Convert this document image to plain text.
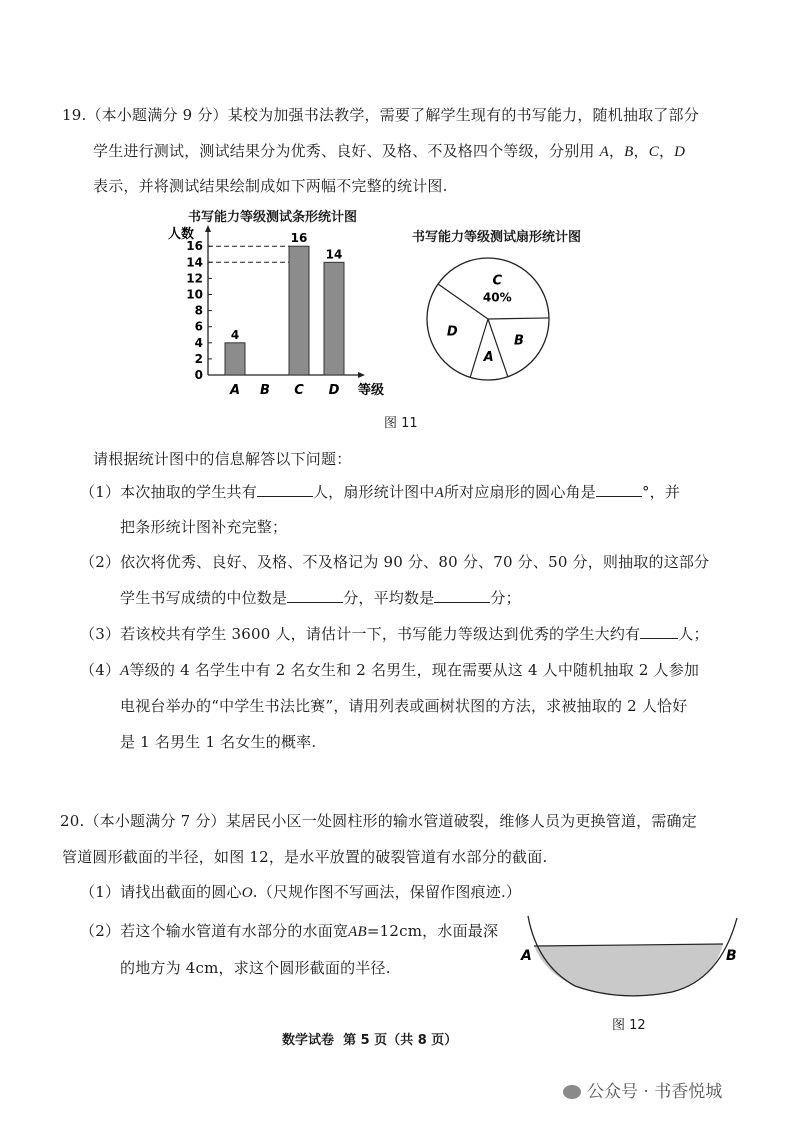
19.（本小题满分 9 分）某校为加强书法教学，需要了解学生现有的书写能力，随机抽取了部分
学生进行测试，测试结果分为优秀、良好、及格、不及格四个等级，分别用 A，B，C，D
表示，并将测试结果绘制成如下两幅不完整的统计图.
书写能力等级测试条形统计图
0
2
4
6
8
10
12
14
16
人数
等级
4
A B
16
C
14
D
书写能力等级测试扇形统计图
C
40%
B
A
D
图 11
请根据统计图中的信息解答以下问题：
（1）本次抽取的学生共有	人，扇形统计图中A所对应扇形的圆心角是	°，并
把条形统计图补充完整；
（2）依次将优秀、良好、及格、不及格记为 90 分、80 分、70 分、50 分，则抽取的这部分
学生书写成绩的中位数是	分，平均数是	分；
（3）若该校共有学生 3600 人，请估计一下，书写能力等级达到优秀的学生大约有	人；
（4）A等级的 4 名学生中有 2 名女生和 2 名男生，现在需要从这 4 人中随机抽取 2 人参加
电视台举办的“中学生书法比赛”，请用列表或画树状图的方法，求被抽取的 2 人恰好
是 1 名男生 1 名女生的概率.
20.（本小题满分 7 分）某居民小区一处圆柱形的输水管道破裂，维修人员为更换管道，需确定
管道圆形截面的半径，如图 12，是水平放置的破裂管道有水部分的截面.
（1）请找出截面的圆心O.（尺规作图不写画法，保留作图痕迹.）
（2）若这个输水管道有水部分的水面宽AB=12cm，水面最深
的地方为 4cm，求这个圆形截面的半径.
A	B
图 12
数学试卷 第 5 页（共 8 页）
公众号 · 书香悦城
